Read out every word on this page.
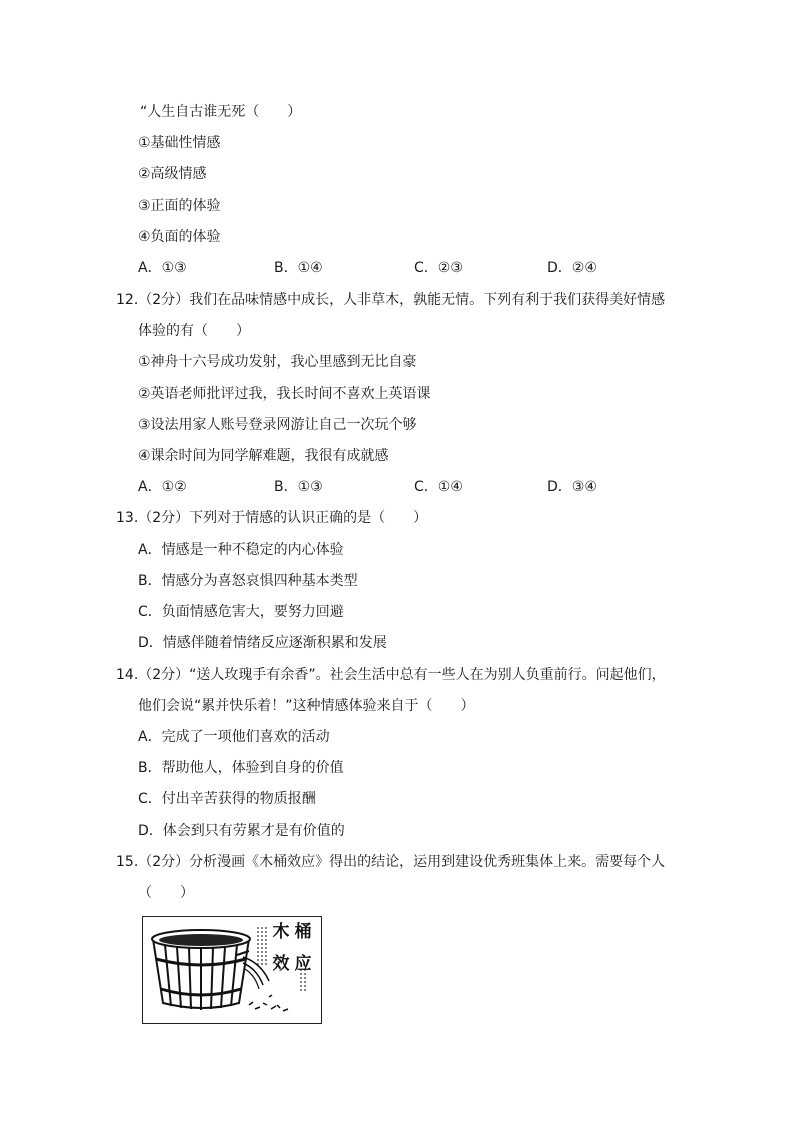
“人生自古谁无死（　　）
①基础性情感
②高级情感
③正面的体验
④负面的体验
A．①③	B．①④	C．②③	D．②④
12.（2分）我们在品味情感中成长，人非草木，孰能无情。下列有利于我们获得美好情感
体验的有（　　）
①神舟十六号成功发射，我心里感到无比自豪
②英语老师批评过我，我长时间不喜欢上英语课
③设法用家人账号登录网游让自己一次玩个够
④课余时间为同学解难题，我很有成就感
A．①②	B．①③	C．①④	D．③④
13.（2分）下列对于情感的认识正确的是（　　）
A．情感是一种不稳定的内心体验
B．情感分为喜怒哀惧四种基本类型
C．负面情感危害大，要努力回避
D．情感伴随着情绪反应逐渐积累和发展
14.（2分）“送人玫瑰手有余香”。社会生活中总有一些人在为别人负重前行。问起他们，
他们会说“累并快乐着！”这种情感体验来自于（　　）
A．完成了一项他们喜欢的活动
B．帮助他人，体验到自身的价值
C．付出辛苦获得的物质报酬
D．体会到只有劳累才是有价值的
15.（2分）分析漫画《木桶效应》得出的结论，运用到建设优秀班集体上来。需要每个人
（　　）
木 桶
效 应
